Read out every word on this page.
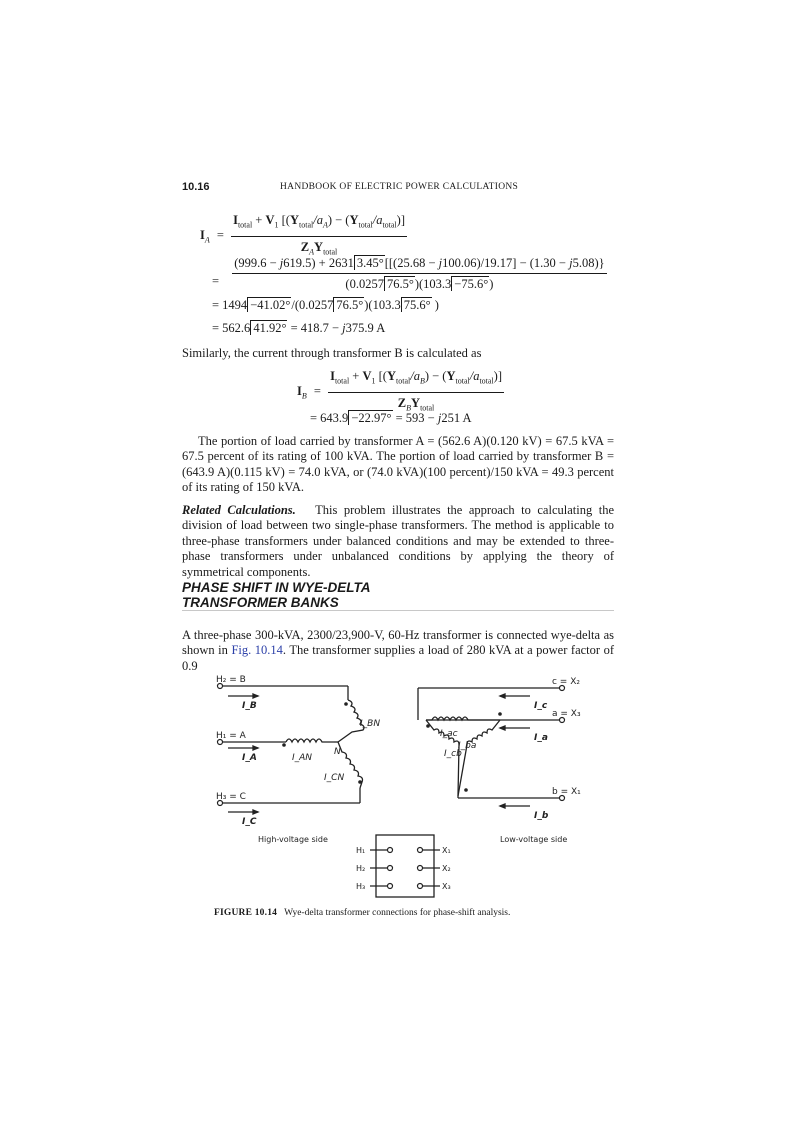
10.16	HANDBOOK OF ELECTRIC POWER CALCULATIONS
$I_A = \frac{I_{total} + V_1 [(Y_{total}/a_A) - (Y_{total}/a_{total})]}{Z_AY_{total}}$
=
(999.6 − j619.5) + 2631 3.45°[[(25.68 − j100.06)/19.17] − (1.30 − j5.08)}
(0.0257 76.5°)(103.3 −75.6°)
= 1494 −41.02°/(0.0257 76.5°)(103.3 75.6° )
= 562.6 41.92° = 418.7 − j375.9 A
Similarly, the current through transformer B is calculated as
$I_B = \frac{I_{total} + V_1 [(Y_{total}/a_B) - (Y_{total}/a_{total})]}{Z_BY_{total}}$
= 643.9 −22.97° = 593 − j251 A
The portion of load carried by transformer A = (562.6 A)(0.120 kV) = 67.5 kVA = 67.5 percent of its rating of 100 kVA. The portion of load carried by transformer B = (643.9 A)(0.115 kV) = 74.0 kVA, or (74.0 kVA)(100 percent)/150 kVA = 49.3 percent of its rating of 150 kVA.
Related Calculations. This problem illustrates the approach to calculating the division of load between two single-phase transformers. The method is applicable to three-phase transformers under balanced conditions and may be extended to three-phase transformers under unbalanced conditions by applying the theory of symmetrical components.
PHASE SHIFT IN WYE-DELTA
TRANSFORMER BANKS
A three-phase 300-kVA, 2300/23,900-V, 60-Hz transformer is connected wye-delta as shown in Fig. 10.14. The transformer supplies a load of 280 kVA at a power factor of 0.9
H₂ = B
H₁ = A
H₃ = C
I_B
I_A
I_C
I_AN
I_BN
I_CN
N
c = X₂
a = X₃
b = X₁
I_c
I_a
I_b
I_ac
I_ba
I_cb
High-voltage side	Low-voltage side
H₁
H₂
H₃
X₁
X₂
X₃
FIGURE 10.14 Wye-delta transformer connections for phase-shift analysis.
